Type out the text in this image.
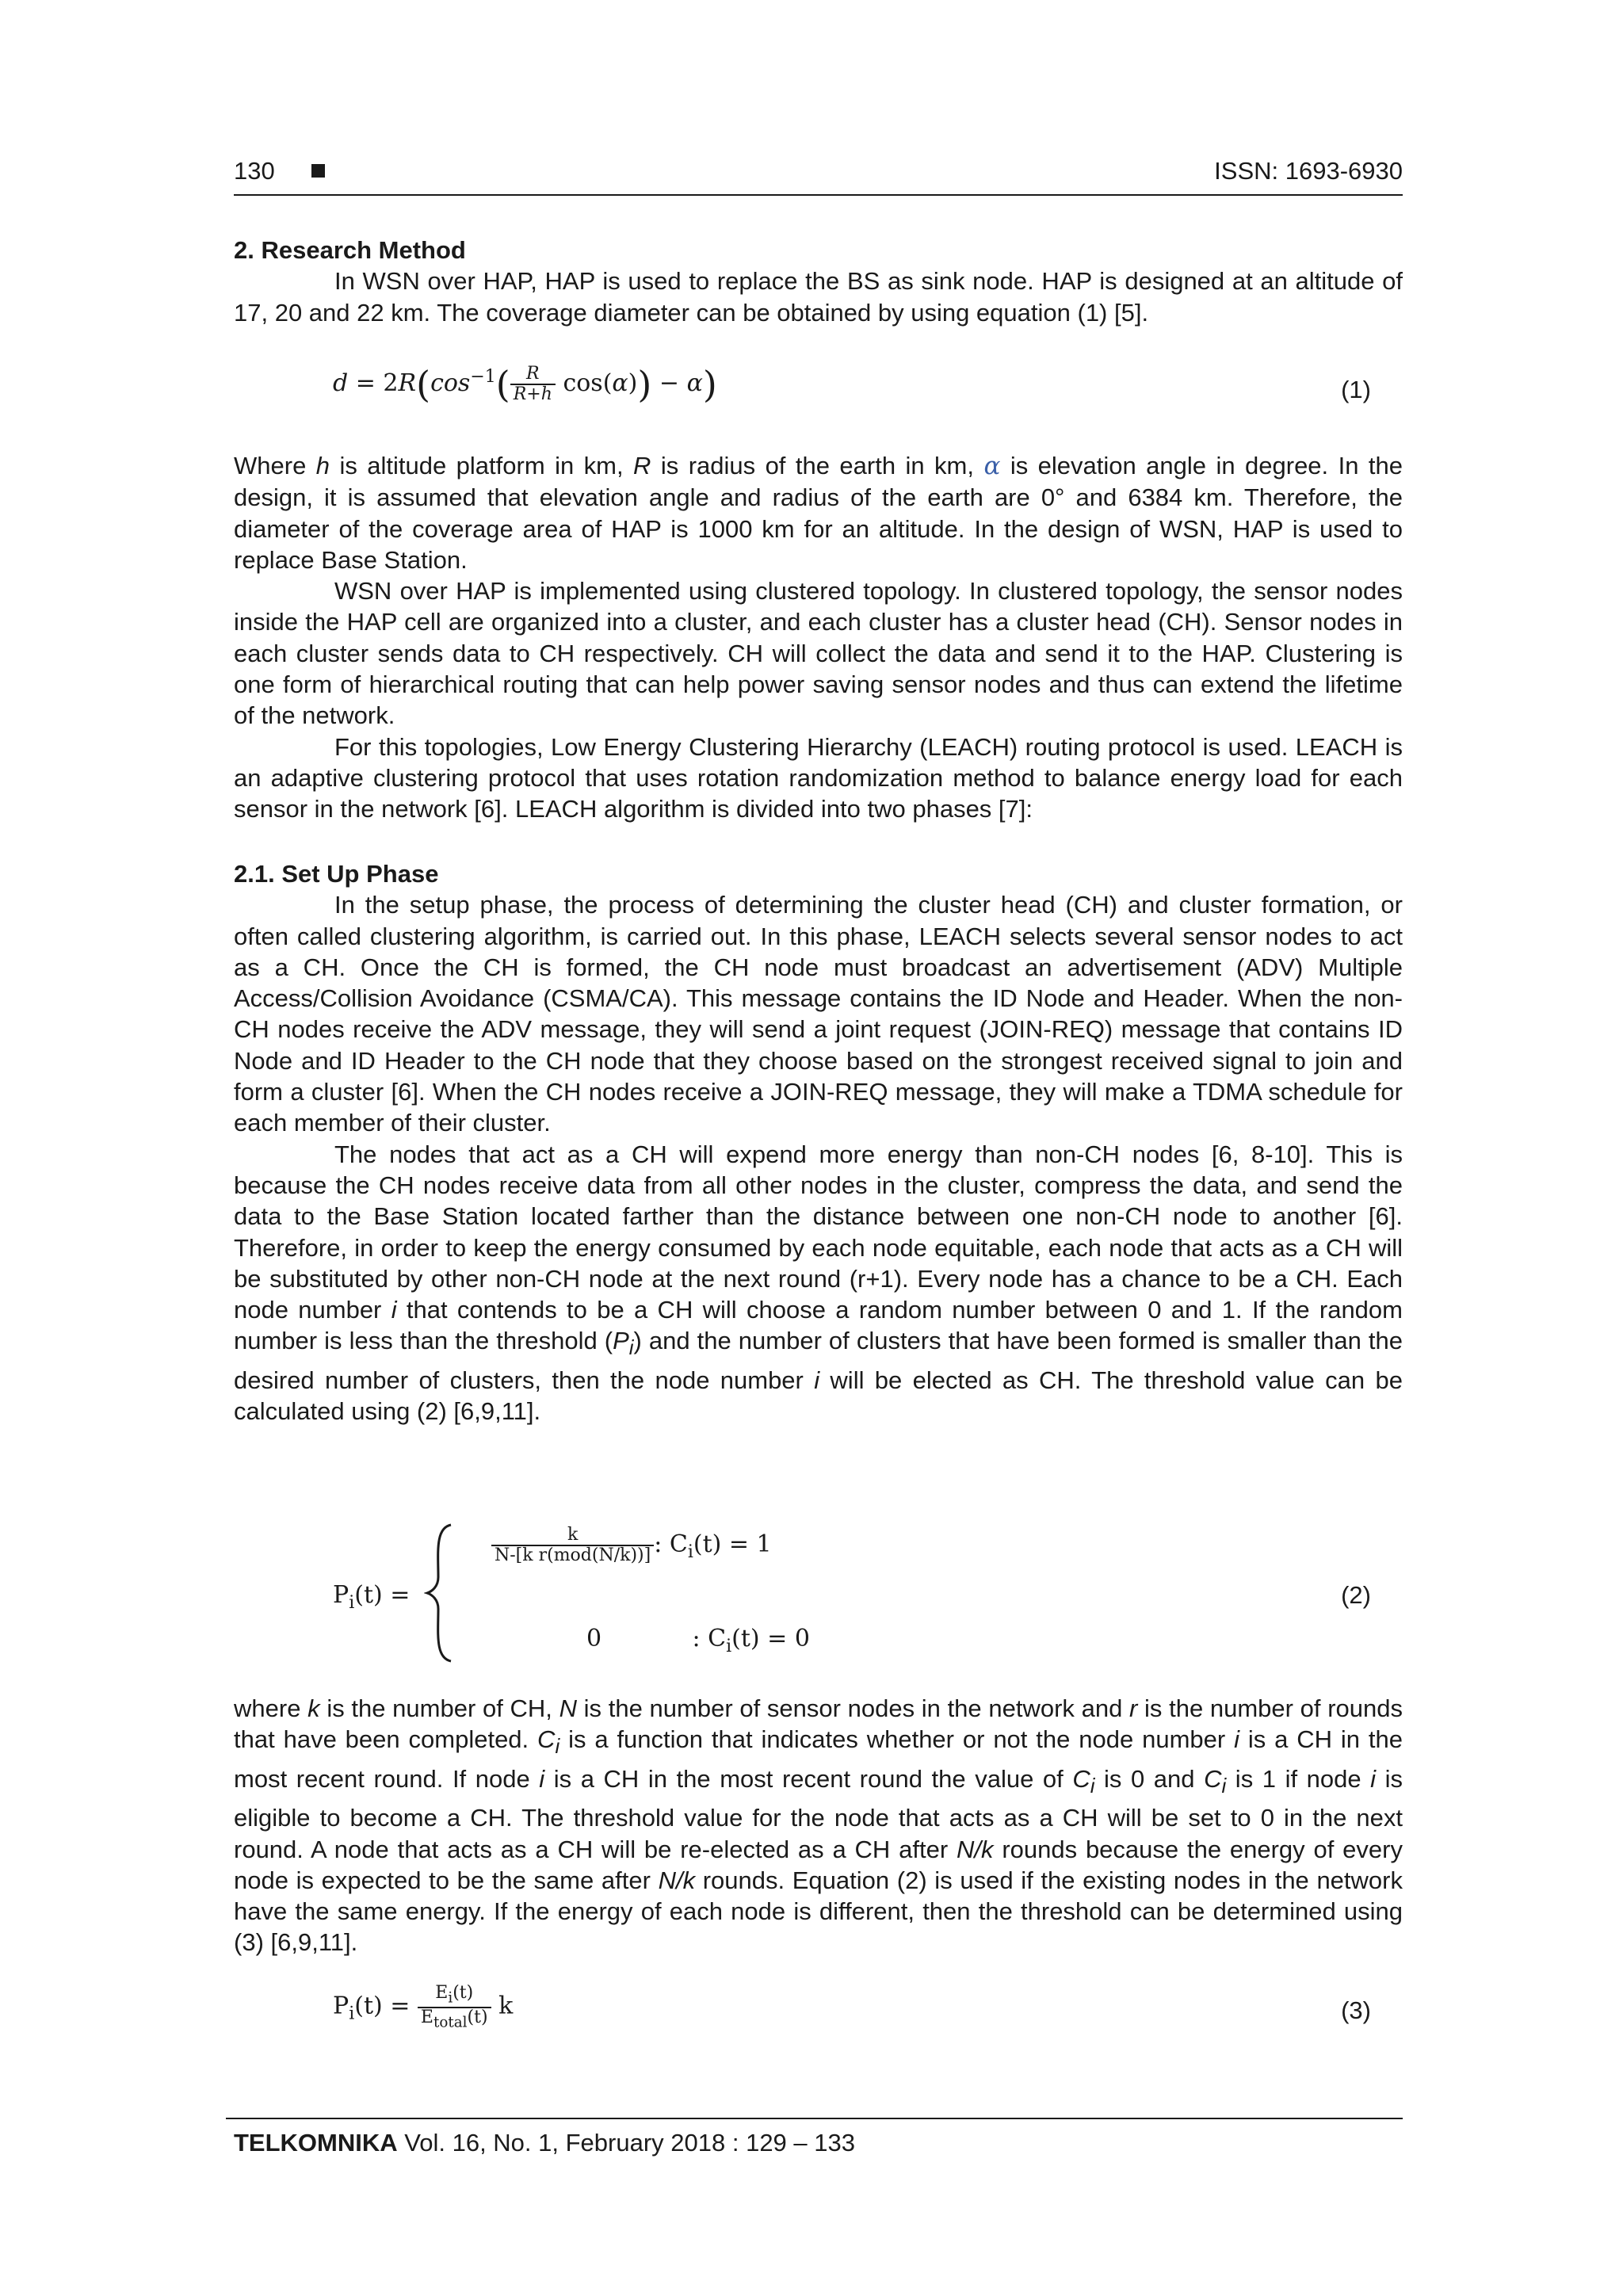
130	ISSN: 1693-6930
2. Research Method

In WSN over HAP, HAP is used to replace the BS as sink node. HAP is designed at an altitude of 17, 20 and 22 km. The coverage diameter can be obtained by using equation (1) [5].

$d = 2R(\cos^{-1}( \frac{R}{R+h} \cos(\alpha)) - \alpha)$	(1)

Where h is altitude platform in km, R is radius of the earth in km, α is elevation angle in degree. In the design, it is assumed that elevation angle and radius of the earth are 0° and 6384 km. Therefore, the diameter of the coverage area of HAP is 1000 km for an altitude. In the design of WSN, HAP is used to replace Base Station.

WSN over HAP is implemented using clustered topology. In clustered topology, the sensor nodes inside the HAP cell are organized into a cluster, and each cluster has a cluster head (CH). Sensor nodes in each cluster sends data to CH respectively. CH will collect the data and send it to the HAP. Clustering is one form of hierarchical routing that can help power saving sensor nodes and thus can extend the lifetime of the network.

For this topologies, Low Energy Clustering Hierarchy (LEACH) routing protocol is used. LEACH is an adaptive clustering protocol that uses rotation randomization method to balance energy load for each sensor in the network [6]. LEACH algorithm is divided into two phases [7]:

2.1. Set Up Phase

In the setup phase, the process of determining the cluster head (CH) and cluster formation, or often called clustering algorithm, is carried out. In this phase, LEACH selects several sensor nodes to act as a CH. Once the CH is formed, the CH node must broadcast an advertisement (ADV) Multiple Access/Collision Avoidance (CSMA/CA). This message contains the ID Node and Header. When the non-CH nodes receive the ADV message, they will send a joint request (JOIN-REQ) message that contains ID Node and ID Header to the CH node that they choose based on the strongest received signal to join and form a cluster [6]. When the CH nodes receive a JOIN-REQ message, they will make a TDMA schedule for each member of their cluster.

The nodes that act as a CH will expend more energy than non-CH nodes [6, 8-10]. This is because the CH nodes receive data from all other nodes in the cluster, compress the data, and send the data to the Base Station located farther than the distance between one non-CH node to another [6]. Therefore, in order to keep the energy consumed by each node equitable, each node that acts as a CH will be substituted by other non-CH node at the next round (r+1). Every node has a chance to be a CH. Each node number i that contends to be a CH will choose a random number between 0 and 1. If the random number is less than the threshold $(P_i)$ and the number of clusters that have been formed is smaller than the desired number of clusters, then the node number i will be elected as CH. The threshold value can be calculated using (2) [6,9,11].

$P_i(t)$ =
$\frac{k}{\text{N-[k r(mod(N/k))]}}$ : $C_i(t) = 1$
0            : $C_i(t) = 0$
(2)

where k is the number of CH, N is the number of sensor nodes in the network and r is the number of rounds that have been completed. $C_i$ is a function that indicates whether or not the node number i is a CH in the most recent round. If node i is a CH in the most recent round the value of $C_i$ is 0 and $C_i$ is 1 if node i is eligible to become a CH. The threshold value for the node that acts as a CH will be set to 0 in the next round. A node that acts as a CH will be re-elected as a CH after N/k rounds because the energy of every node is expected to be the same after N/k rounds. Equation (2) is used if the existing nodes in the network have the same energy. If the energy of each node is different, then the threshold can be determined using (3) [6,9,11].

$P_i(t) = \frac{E_i(t)}{E_{total}(t)}$ k	(3)
TELKOMNIKA Vol. 16, No. 1, February 2018 : 129 – 133
